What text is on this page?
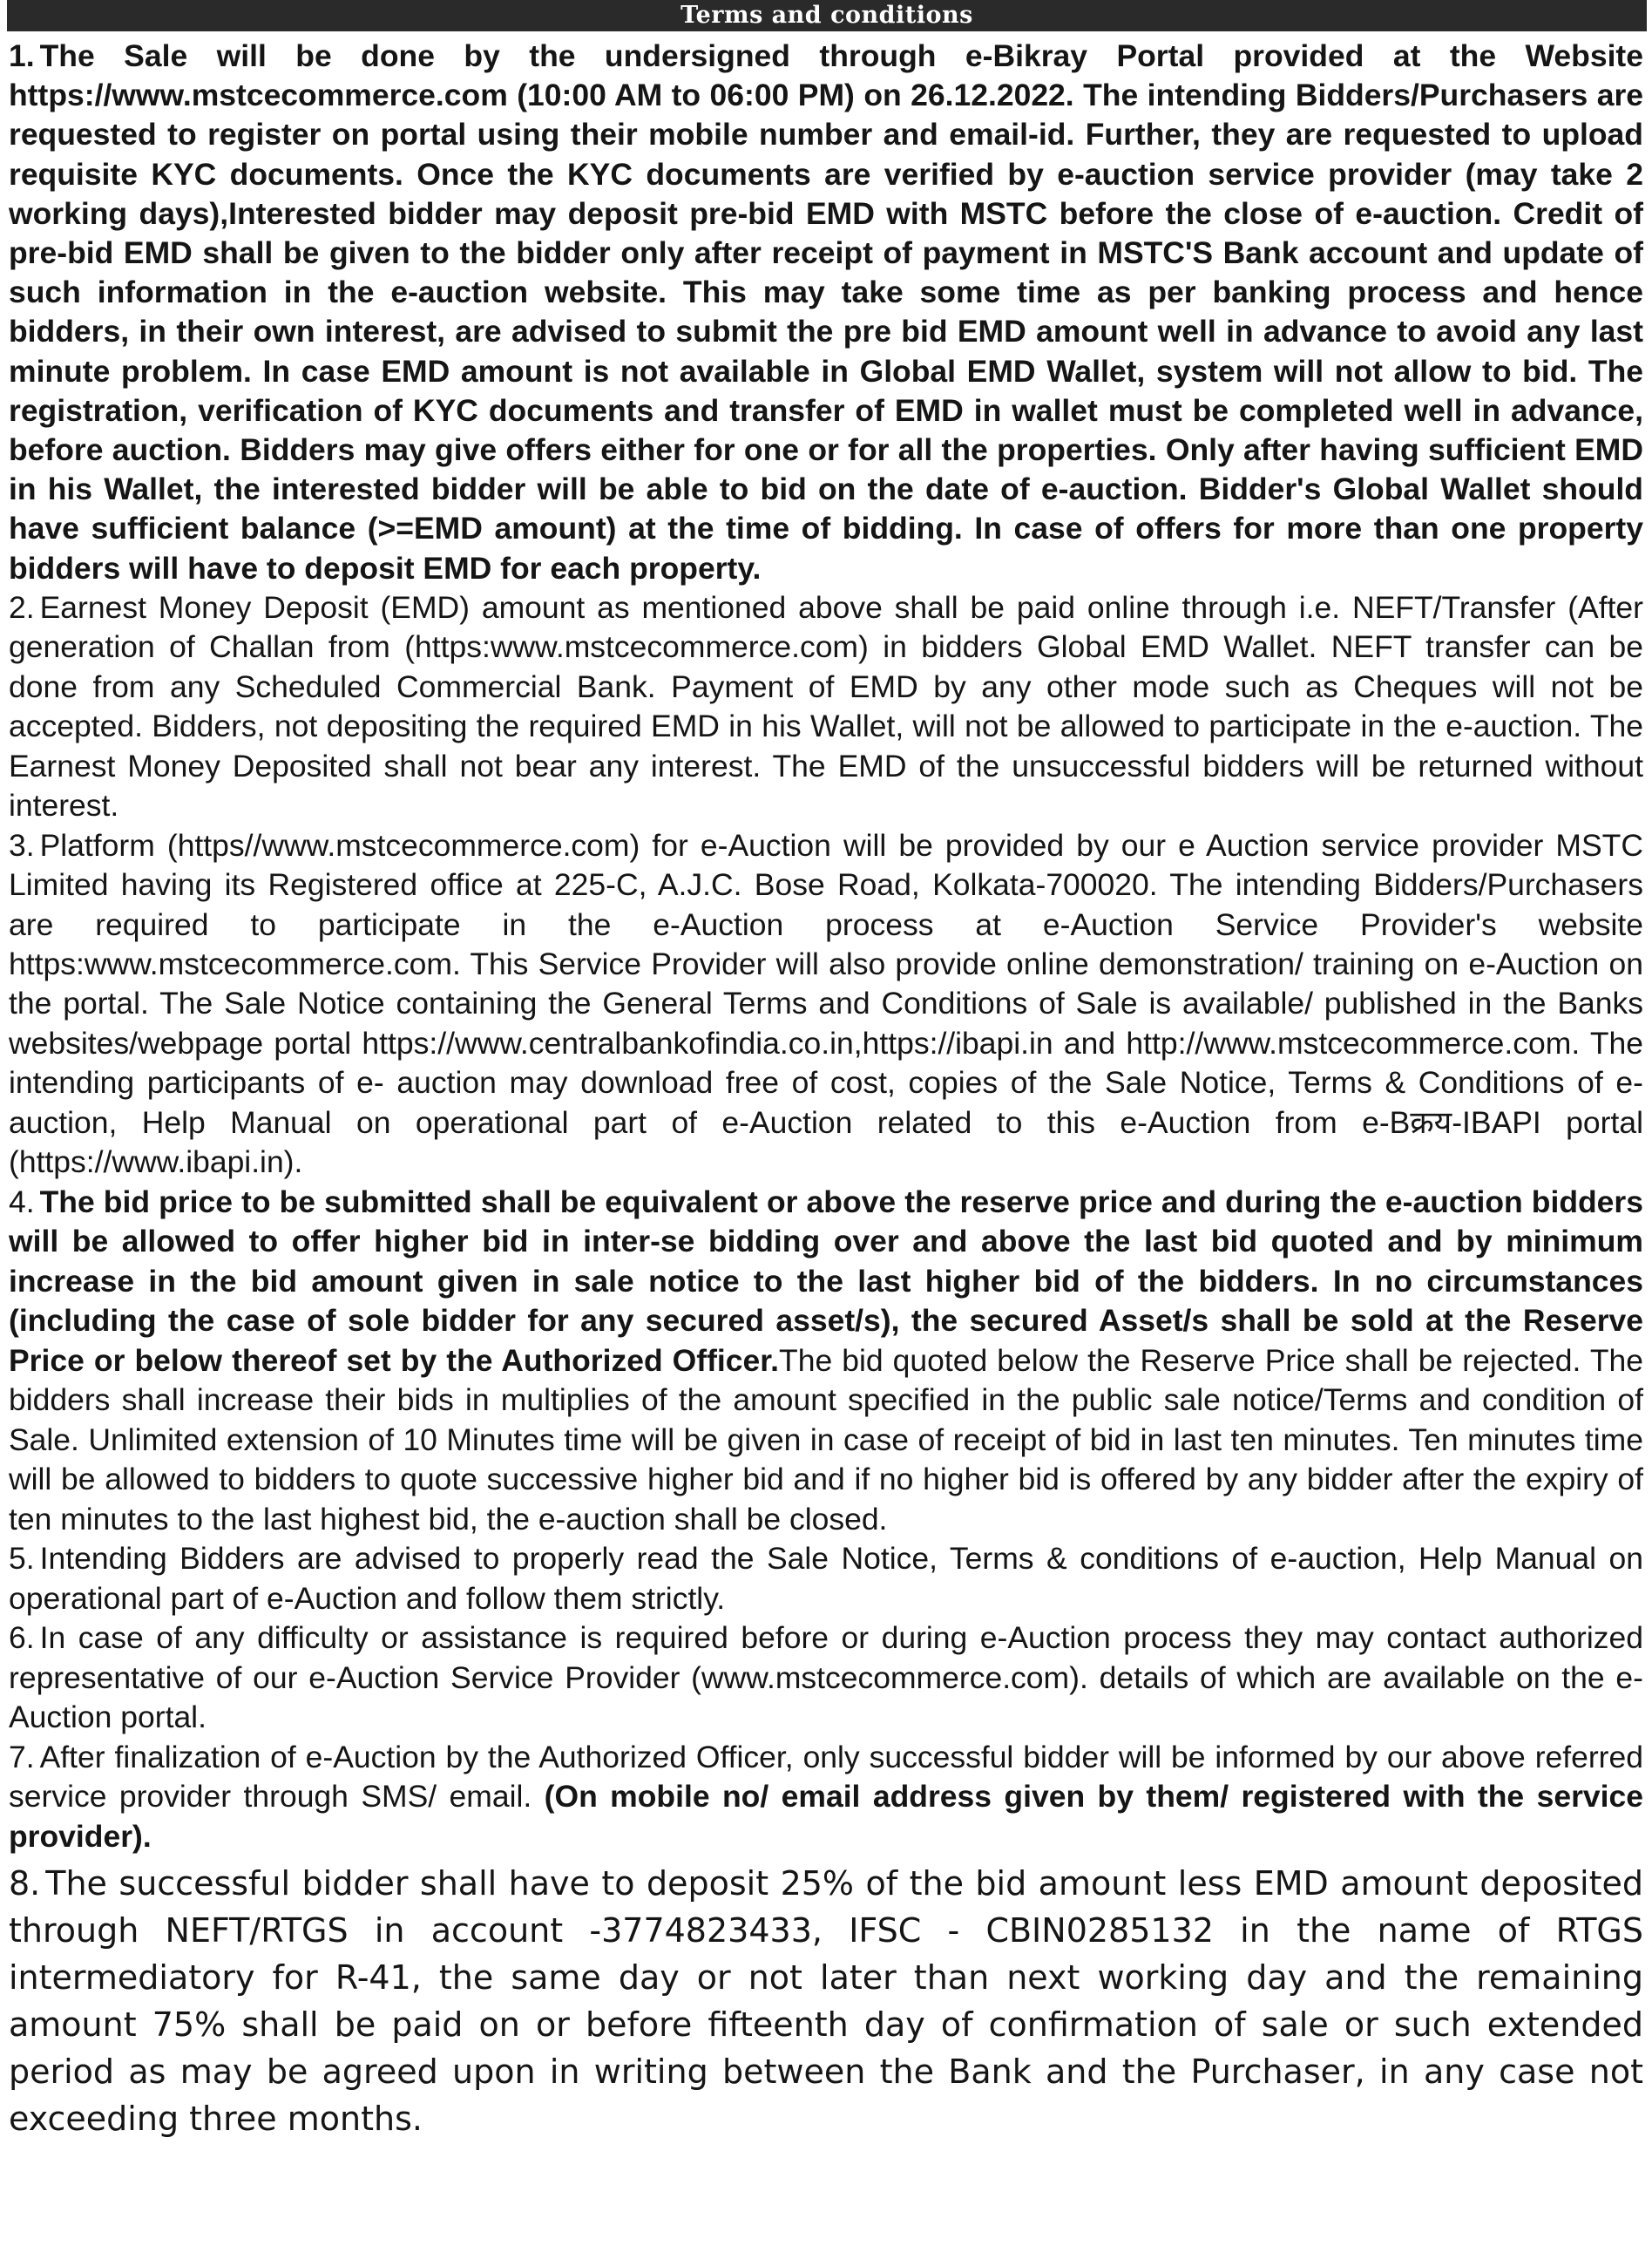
Terms and conditions

1. The Sale will be done by the undersigned through e-Bikray Portal provided at the Website https://www.mstcecommerce.com (10:00 AM to 06:00 PM) on 26.12.2022. The intending Bidders/Purchasers are requested to register on portal using their mobile number and email-id. Further, they are requested to upload requisite KYC documents. Once the KYC documents are verified by e-auction service provider (may take 2 working days),Interested bidder may deposit pre-bid EMD with MSTC before the close of e-auction. Credit of pre-bid EMD shall be given to the bidder only after receipt of payment in MSTC'S Bank account and update of such information in the e-auction website. This may take some time as per banking process and hence bidders, in their own interest, are advised to submit the pre bid EMD amount well in advance to avoid any last minute problem. In case EMD amount is not available in Global EMD Wallet, system will not allow to bid. The registration, verification of KYC documents and transfer of EMD in wallet must be completed well in advance, before auction. Bidders may give offers either for one or for all the properties. Only after having sufficient EMD in his Wallet, the interested bidder will be able to bid on the date of e-auction. Bidder's Global Wallet should have sufficient balance (>=EMD amount) at the time of bidding. In case of offers for more than one property bidders will have to deposit EMD for each property.

2. Earnest Money Deposit (EMD) amount as mentioned above shall be paid online through i.e. NEFT/Transfer (After generation of Challan from (https:www.mstcecommerce.com) in bidders Global EMD Wallet. NEFT transfer can be done from any Scheduled Commercial Bank. Payment of EMD by any other mode such as Cheques will not be accepted. Bidders, not depositing the required EMD in his Wallet, will not be allowed to participate in the e-auction. The Earnest Money Deposited shall not bear any interest. The EMD of the unsuccessful bidders will be returned without interest.

3. Platform (https//www.mstcecommerce.com) for e-Auction will be provided by our e Auction service provider MSTC Limited having its Registered office at 225-C, A.J.C. Bose Road, Kolkata-700020. The intending Bidders/Purchasers are required to participate in the e-Auction process at e-Auction Service Provider's website https:www.mstcecommerce.com. This Service Provider will also provide online demonstration/ training on e-Auction on the portal. The Sale Notice containing the General Terms and Conditions of Sale is available/ published in the Banks websites/webpage portal https://www.centralbankofindia.co.in,https://ibapi.in and http://www.mstcecommerce.com. The intending participants of e- auction may download free of cost, copies of the Sale Notice, Terms & Conditions of e-auction, Help Manual on operational part of e-Auction related to this e-Auction from e-Bक्रय-IBAPI portal (https://www.ibapi.in).

4. The bid price to be submitted shall be equivalent or above the reserve price and during the e-auction bidders will be allowed to offer higher bid in inter-se bidding over and above the last bid quoted and by minimum increase in the bid amount given in sale notice to the last higher bid of the bidders. In no circumstances (including the case of sole bidder for any secured asset/s), the secured Asset/s shall be sold at the Reserve Price or below thereof set by the Authorized Officer.The bid quoted below the Reserve Price shall be rejected. The bidders shall increase their bids in multiplies of the amount specified in the public sale notice/Terms and condition of Sale. Unlimited extension of 10 Minutes time will be given in case of receipt of bid in last ten minutes. Ten minutes time will be allowed to bidders to quote successive higher bid and if no higher bid is offered by any bidder after the expiry of ten minutes to the last highest bid, the e-auction shall be closed.

5. Intending Bidders are advised to properly read the Sale Notice, Terms & conditions of e-auction, Help Manual on operational part of e-Auction and follow them strictly.

6. In case of any difficulty or assistance is required before or during e-Auction process they may contact authorized representative of our e-Auction Service Provider (www.mstcecommerce.com). details of which are available on the e-Auction portal.

7. After finalization of e-Auction by the Authorized Officer, only successful bidder will be informed by our above referred service provider through SMS/ email. (On mobile no/ email address given by them/ registered with the service provider).

8. The successful bidder shall have to deposit 25% of the bid amount less EMD amount deposited through NEFT/RTGS in account -3774823433, IFSC - CBIN0285132 in the name of RTGS intermediatory for R-41, the same day or not later than next working day and the remaining amount 75% shall be paid on or before fifteenth day of confirmation of sale or such extended period as may be agreed upon in writing between the Bank and the Purchaser, in any case not exceeding three months.
